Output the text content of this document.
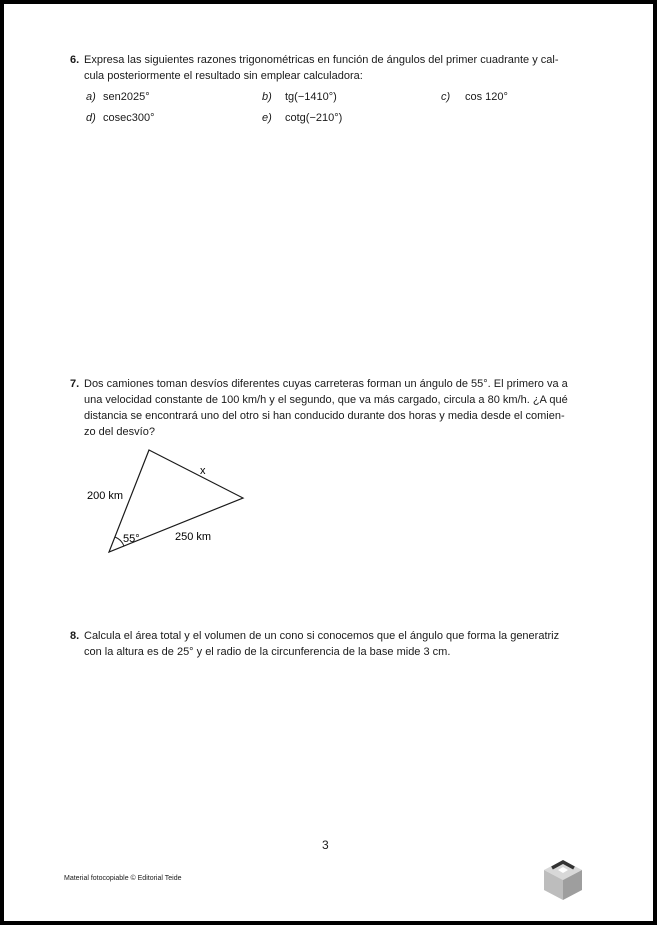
6. Expresa las siguientes razones trigonométricas en función de ángulos del primer cuadrante y cal-
cula posteriormente el resultado sin emplear calculadora:
a) sen2025°	b) tg(−1410°)	c) cos 120°
d) cosec300°	e) cotg(−210°)
7. Dos camiones toman desvíos diferentes cuyas carreteras forman un ángulo de 55°. El primero va a
una velocidad constante de 100 km/h y el segundo, que va más cargado, circula a 80 km/h. ¿A qué
distancia se encontrará uno del otro si han conducido durante dos horas y media desde el comien-
zo del desvío?
x
200 km
55°	250 km
8. Calcula el área total y el volumen de un cono si conocemos que el ángulo que forma la generatriz
con la altura es de 25° y el radio de la circunferencia de la base mide 3 cm.
3
Material fotocopiable © Editorial Teide
